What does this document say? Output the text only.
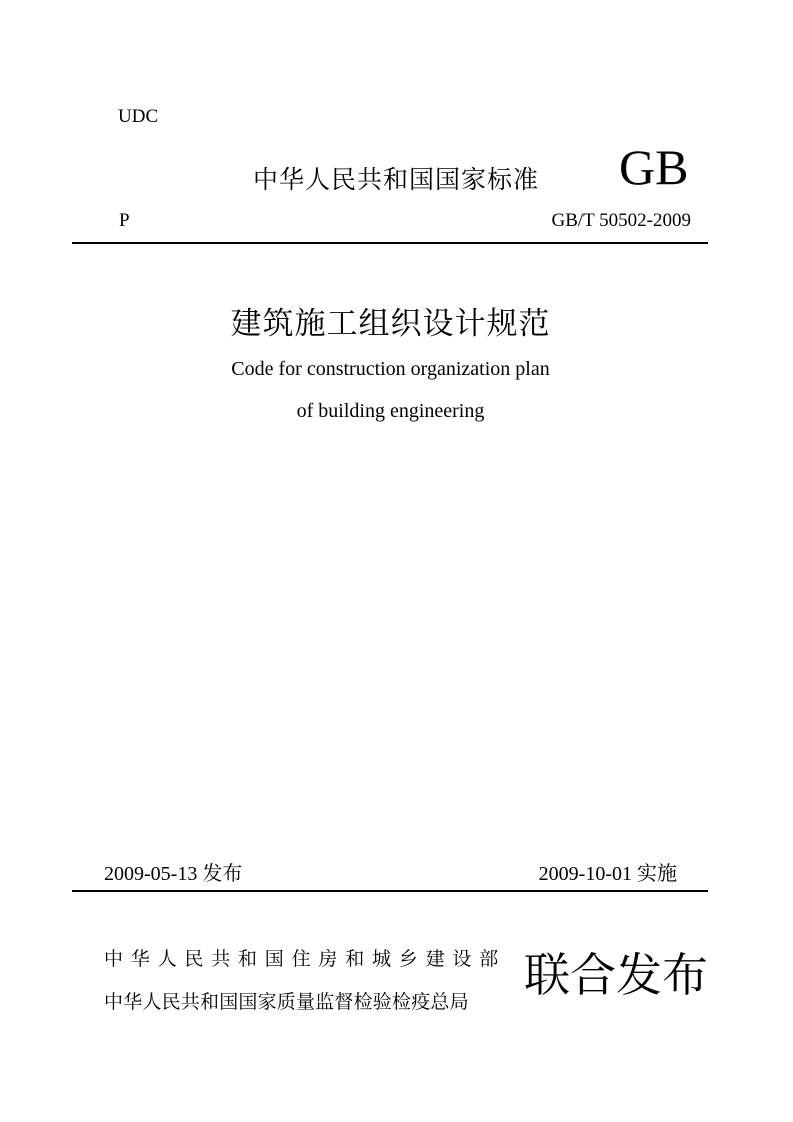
UDC
中华人民共和国国家标准 GB
P	GB/T 50502-2009
建筑施工组织设计规范
Code for construction organization plan
of building engineering
2009-05-13 发布	2009-10-01 实施
中华人民共和国住房和城乡建设部
中华人民共和国国家质量监督检验检疫总局 联合发布
